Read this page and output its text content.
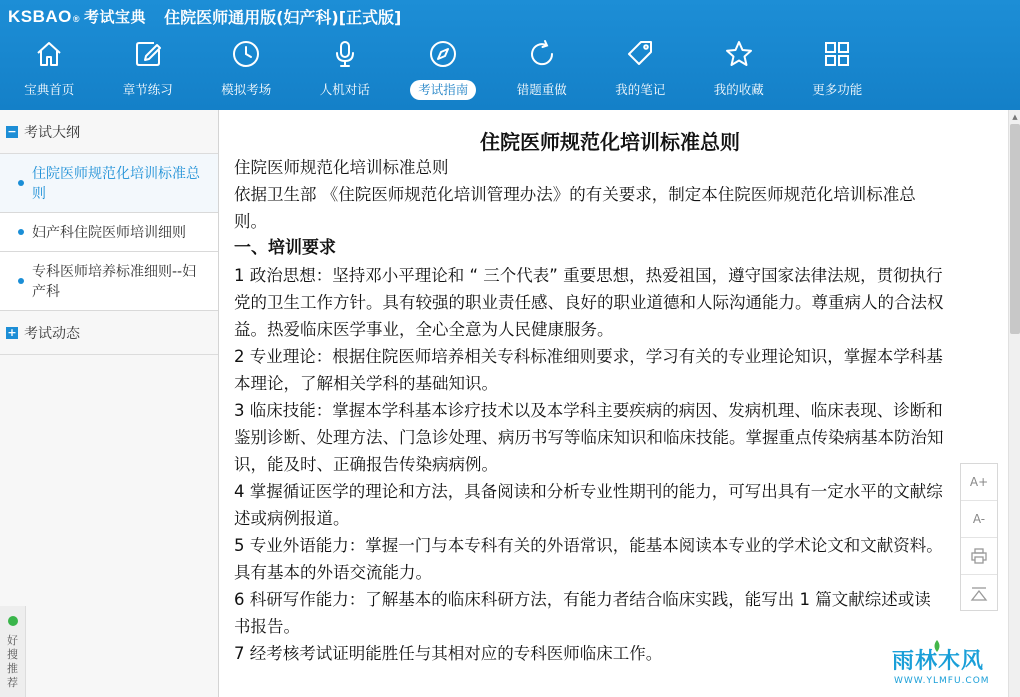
KSBAO ® 考试宝典 住院医师通用版(妇产科)[正式版]
宝典首页	章节练习	模拟考场	人机对话	考试指南	错题重做	我的笔记	我的收藏	更多功能
− 考试大纲
住院医师规范化培训标准总则
妇产科住院医师培训细则
专科医师培养标准细则--妇产科
+ 考试动态
好搜推荐
住院医师规范化培训标准总则

住院医师规范化培训标准总则

依据卫生部 《住院医师规范化培训管理办法》的有关要求，制定本住院医师规范化培训标准总则。

一、培训要求

1 政治思想：坚持邓小平理论和 “ 三个代表” 重要思想，热爱祖国，遵守国家法律法规，贯彻执行党的卫生工作方针。具有较强的职业责任感、良好的职业道德和人际沟通能力。尊重病人的合法权益。热爱临床医学事业，全心全意为人民健康服务。

2 专业理论：根据住院医师培养相关专科标准细则要求，学习有关的专业理论知识，掌握本学科基本理论，了解相关学科的基础知识。

3 临床技能：掌握本学科基本诊疗技术以及本学科主要疾病的病因、发病机理、临床表现、诊断和鉴别诊断、处理方法、门急诊处理、病历书写等临床知识和临床技能。掌握重点传染病基本防治知识，能及时、正确报告传染病病例。

4 掌握循证医学的理论和方法，具备阅读和分析专业性期刊的能力，可写出具有一定水平的文献综述或病例报道。

5 专业外语能力：掌握一门与本专科有关的外语常识，能基本阅读本专业的学术论文和文献资料。具有基本的外语交流能力。

6 科研写作能力：了解基本的临床科研方法，有能力者结合临床实践，能写出 1 篇文献综述或读书报告。

7 经考核考试证明能胜任与其相对应的专科医师临床工作。

▲
A+
A-
雨林木风
WWW.YLMFU.COM
